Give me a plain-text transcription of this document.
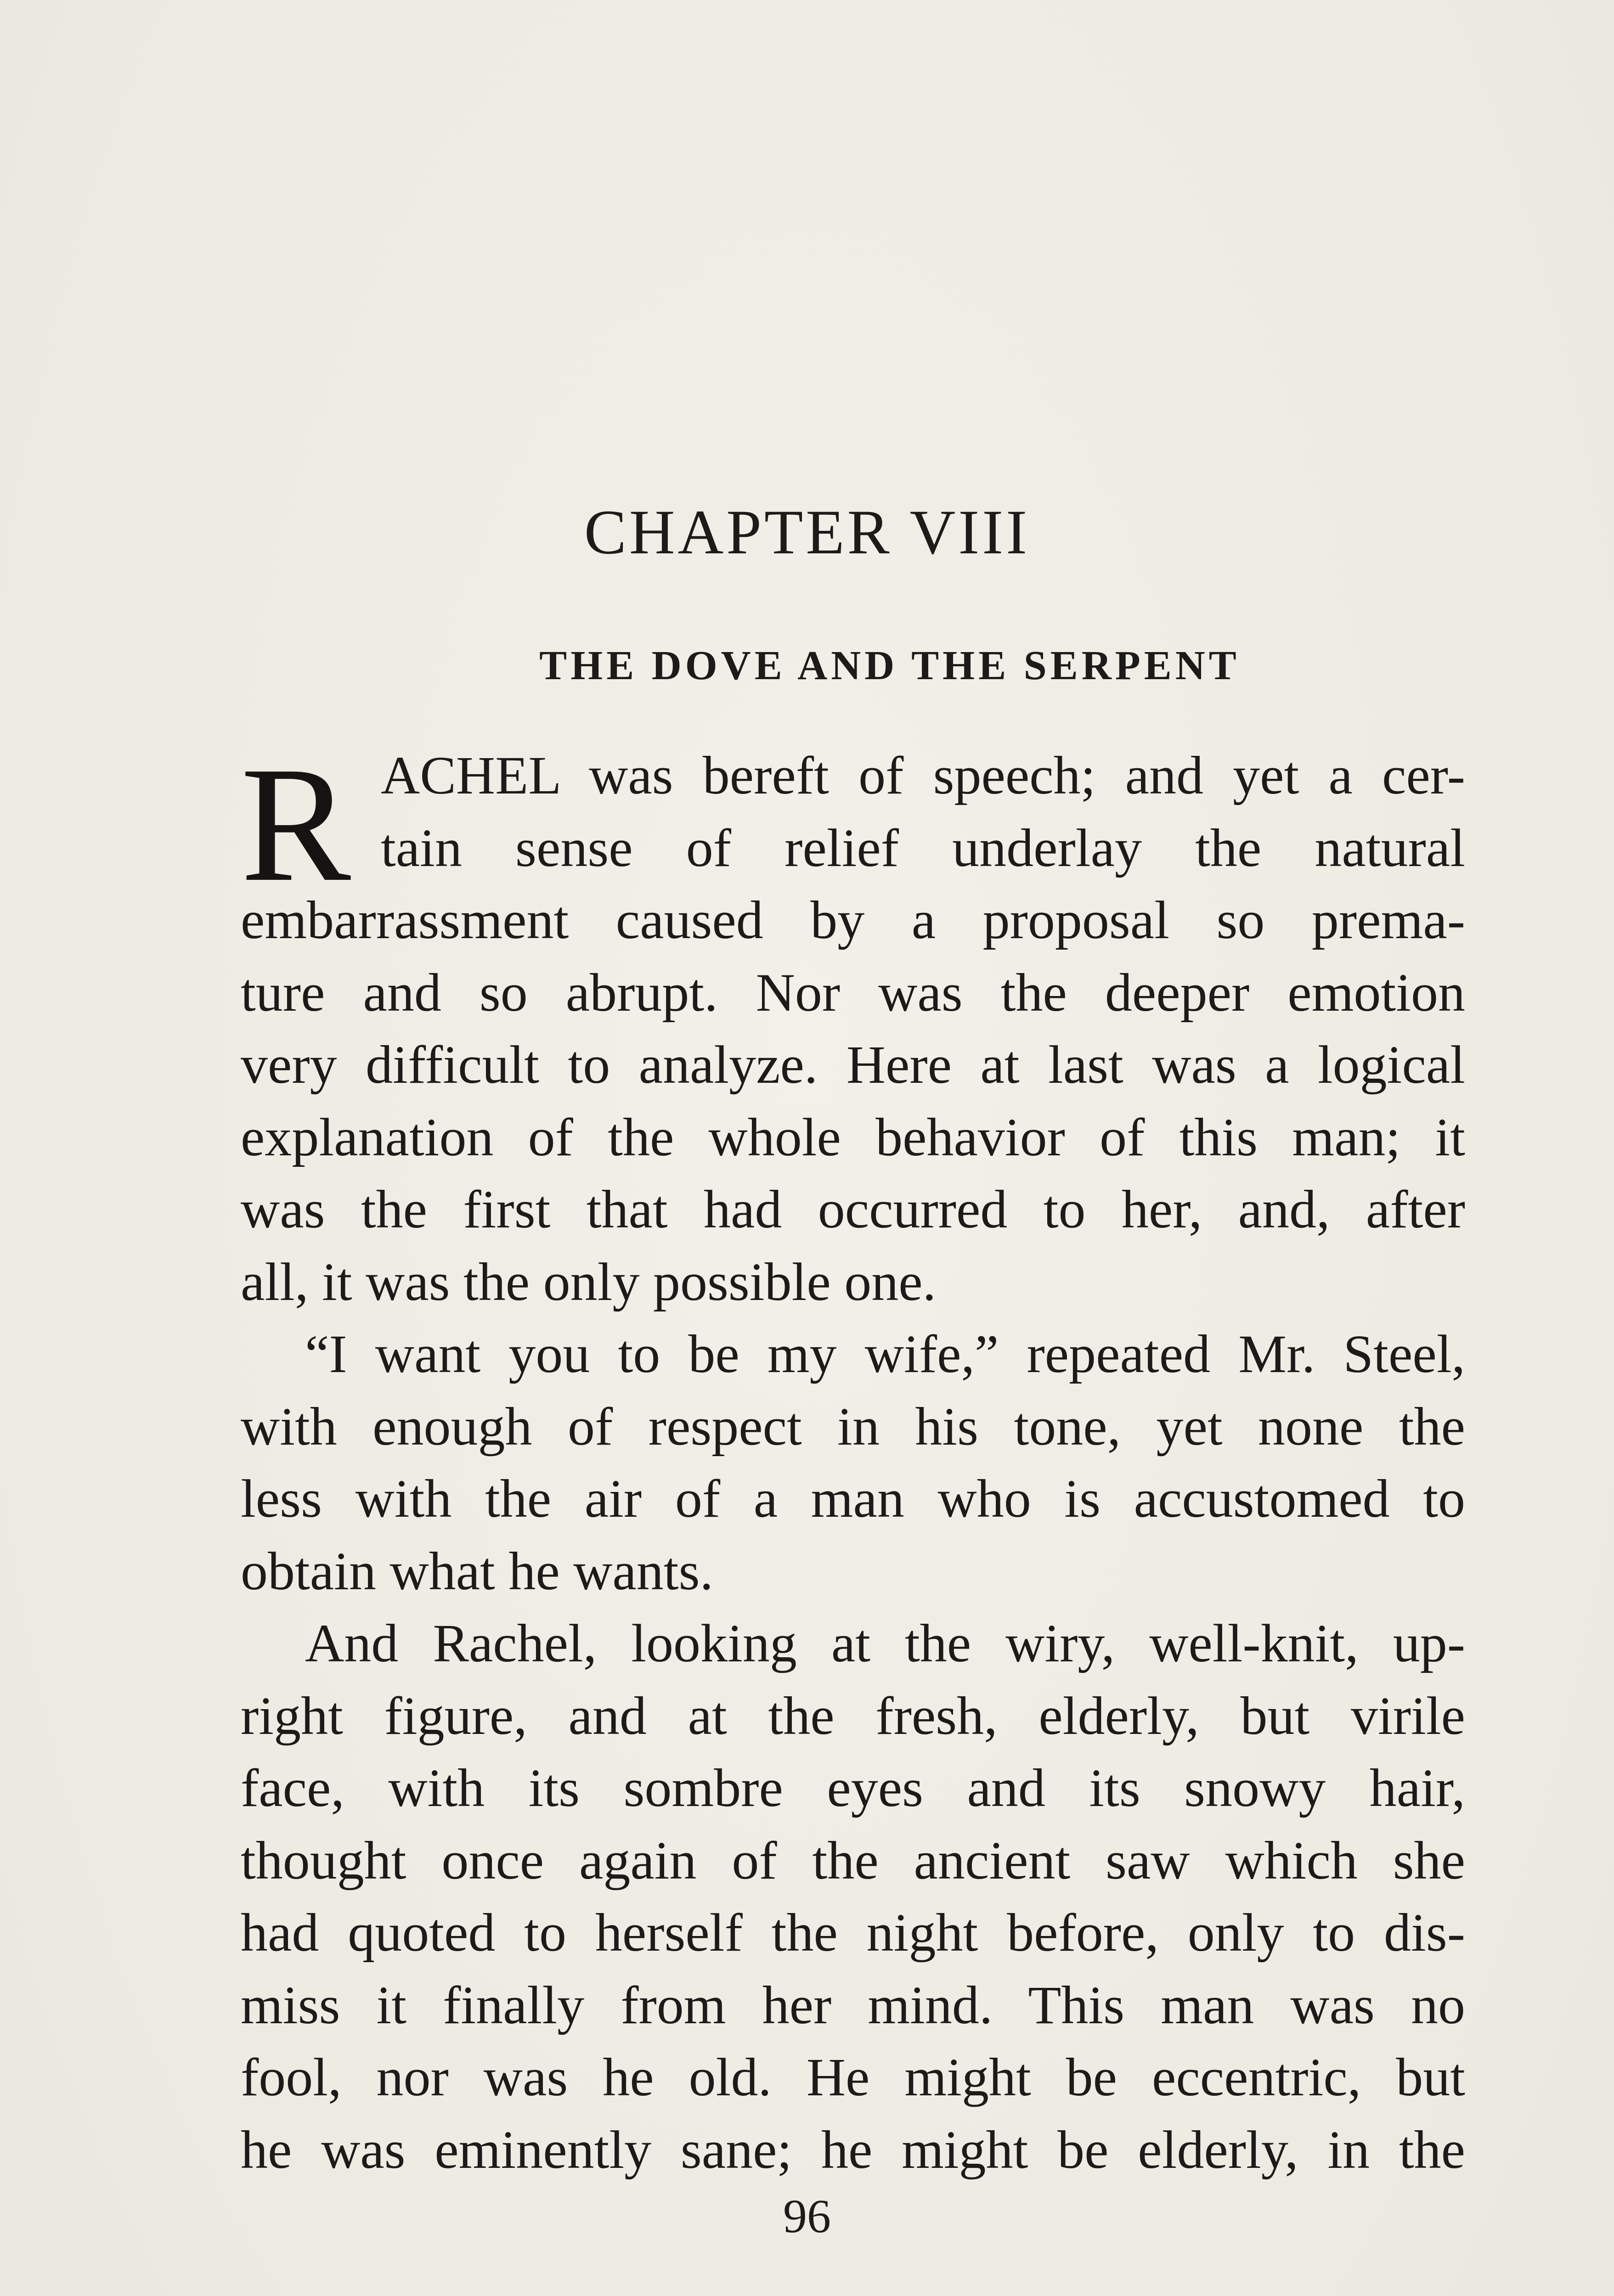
CHAPTER VIII
THE DOVE AND THE SERPENT
R ACHEL was bereft of speech; and yet a cer-
tain sense of relief underlay the natural
embarrassment caused by a proposal so prema-
ture and so abrupt. Nor was the deeper emotion
very difficult to analyze. Here at last was a logical
explanation of the whole behavior of this man; it
was the first that had occurred to her, and, after
all, it was the only possible one.
“I want you to be my wife,” repeated Mr. Steel,
with enough of respect in his tone, yet none the
less with the air of a man who is accustomed to
obtain what he wants.
And Rachel, looking at the wiry, well-knit, up-
right figure, and at the fresh, elderly, but virile
face, with its sombre eyes and its snowy hair,
thought once again of the ancient saw which she
had quoted to herself the night before, only to dis-
miss it finally from her mind. This man was no
fool, nor was he old. He might be eccentric, but
he was eminently sane; he might be elderly, in the
96
